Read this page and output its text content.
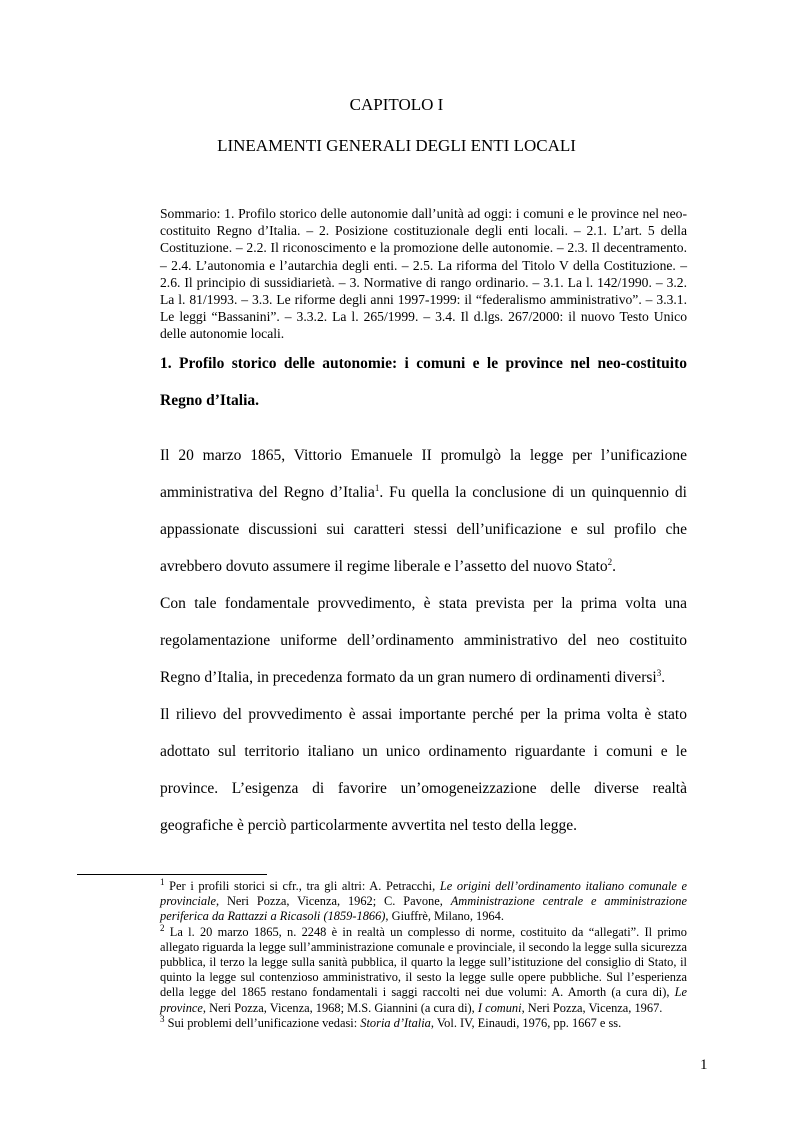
CAPITOLO I
LINEAMENTI GENERALI DEGLI ENTI LOCALI

Sommario: 1. Profilo storico delle autonomie dall’unità ad oggi: i comuni e le province nel neo-costituito Regno d’Italia. – 2. Posizione costituzionale degli enti locali. – 2.1. L’art. 5 della Costituzione. – 2.2. Il riconoscimento e la promozione delle autonomie. – 2.3. Il decentramento. – 2.4. L’autonomia e l’autarchia degli enti. – 2.5. La riforma del Titolo V della Costituzione. – 2.6. Il principio di sussidiarietà. – 3. Normative di rango ordinario. – 3.1. La l. 142/1990. – 3.2. La l. 81/1993. – 3.3. Le riforme degli anni 1997-1999: il “federalismo amministrativo”. – 3.3.1. Le leggi “Bassanini”. – 3.3.2. La l. 265/1999. – 3.4. Il d.lgs. 267/2000: il nuovo Testo Unico delle autonomie locali.

1. Profilo storico delle autonomie: i comuni e le province nel neo-costituito Regno d’Italia.

Il 20 marzo 1865, Vittorio Emanuele II promulgò la legge per l’unificazione amministrativa del Regno d’Italia$^1$. Fu quella la conclusione di un quinquennio di appassionate discussioni sui caratteri stessi dell’unificazione e sul profilo che avrebbero dovuto assumere il regime liberale e l’assetto del nuovo Stato$^2$.

Con tale fondamentale provvedimento, è stata prevista per la prima volta una regolamentazione uniforme dell’ordinamento amministrativo del neo costituito Regno d’Italia, in precedenza formato da un gran numero di ordinamenti diversi$^3$.

Il rilievo del provvedimento è assai importante perché per la prima volta è stato adottato sul territorio italiano un unico ordinamento riguardante i comuni e le province. L’esigenza di favorire un’omogeneizzazione delle diverse realtà geografiche è perciò particolarmente avvertita nel testo della legge.

$^1$ Per i profili storici si cfr., tra gli altri: A. Petracchi, Le origini dell’ordinamento italiano comunale e provinciale, Neri Pozza, Vicenza, 1962; C. Pavone, Amministrazione centrale e amministrazione periferica da Rattazzi a Ricasoli (1859-1866), Giuffrè, Milano, 1964.

$^2$ La l. 20 marzo 1865, n. 2248 è in realtà un complesso di norme, costituito da “allegati”. Il primo allegato riguarda la legge sull’amministrazione comunale e provinciale, il secondo la legge sulla sicurezza pubblica, il terzo la legge sulla sanità pubblica, il quarto la legge sull’istituzione del consiglio di Stato, il quinto la legge sul contenzioso amministrativo, il sesto la legge sulle opere pubbliche. Sul l’esperienza della legge del 1865 restano fondamentali i saggi raccolti nei due volumi: A. Amorth (a cura di), Le province, Neri Pozza, Vicenza, 1968; M.S. Giannini (a cura di), I comuni, Neri Pozza, Vicenza, 1967.

$^3$ Sui problemi dell’unificazione vedasi: Storia d’Italia, Vol. IV, Einaudi, 1976, pp. 1667 e ss.

1
